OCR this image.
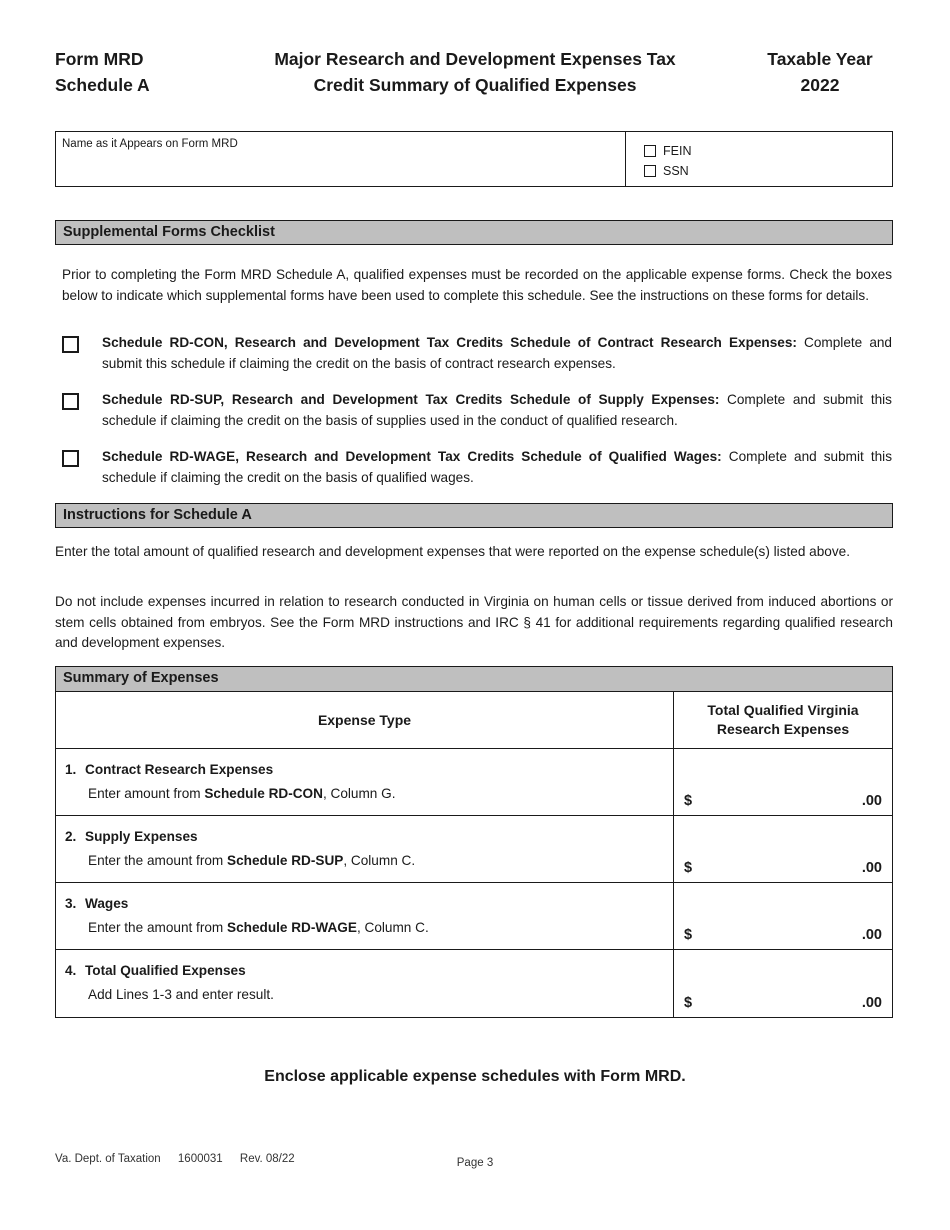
Form MRD
Schedule A
Major Research and Development Expenses Tax
Credit Summary of Qualified Expenses
Taxable Year
2022
Name as it Appears on Form MRD	FEIN
SSN
Supplemental Forms Checklist
Prior to completing the Form MRD Schedule A, qualified expenses must be recorded on the applicable expense forms. Check the boxes below to indicate which supplemental forms have been used to complete this schedule. See the instructions on these forms for details.
Schedule RD-CON, Research and Development Tax Credits Schedule of Contract Research Expenses: Complete and submit this schedule if claiming the credit on the basis of contract research expenses.
Schedule RD-SUP, Research and Development Tax Credits Schedule of Supply Expenses: Complete and submit this schedule if claiming the credit on the basis of supplies used in the conduct of qualified research.
Schedule RD-WAGE, Research and Development Tax Credits Schedule of Qualified Wages: Complete and submit this schedule if claiming the credit on the basis of qualified wages.
Instructions for Schedule A
Enter the total amount of qualified research and development expenses that were reported on the expense schedule(s) listed above.
Do not include expenses incurred in relation to research conducted in Virginia on human cells or tissue derived from induced abortions or stem cells obtained from embryos. See the Form MRD instructions and IRC § 41 for additional requirements regarding qualified research and development expenses.
Summary of Expenses
Expense Type
Total Qualified Virginia
Research Expenses
1. Contract Research Expenses
Enter amount from Schedule RD-CON, Column G.	$	.00
2. Supply Expenses
Enter the amount from Schedule RD-SUP, Column C.	$	.00
3. Wages
Enter the amount from Schedule RD-WAGE, Column C.	$	.00
4. Total Qualified Expenses
Add Lines 1-3 and enter result.
$	.00
Enclose applicable expense schedules with Form MRD.
Va. Dept. of Taxation 1600031 Rev. 08/22	Page 3
